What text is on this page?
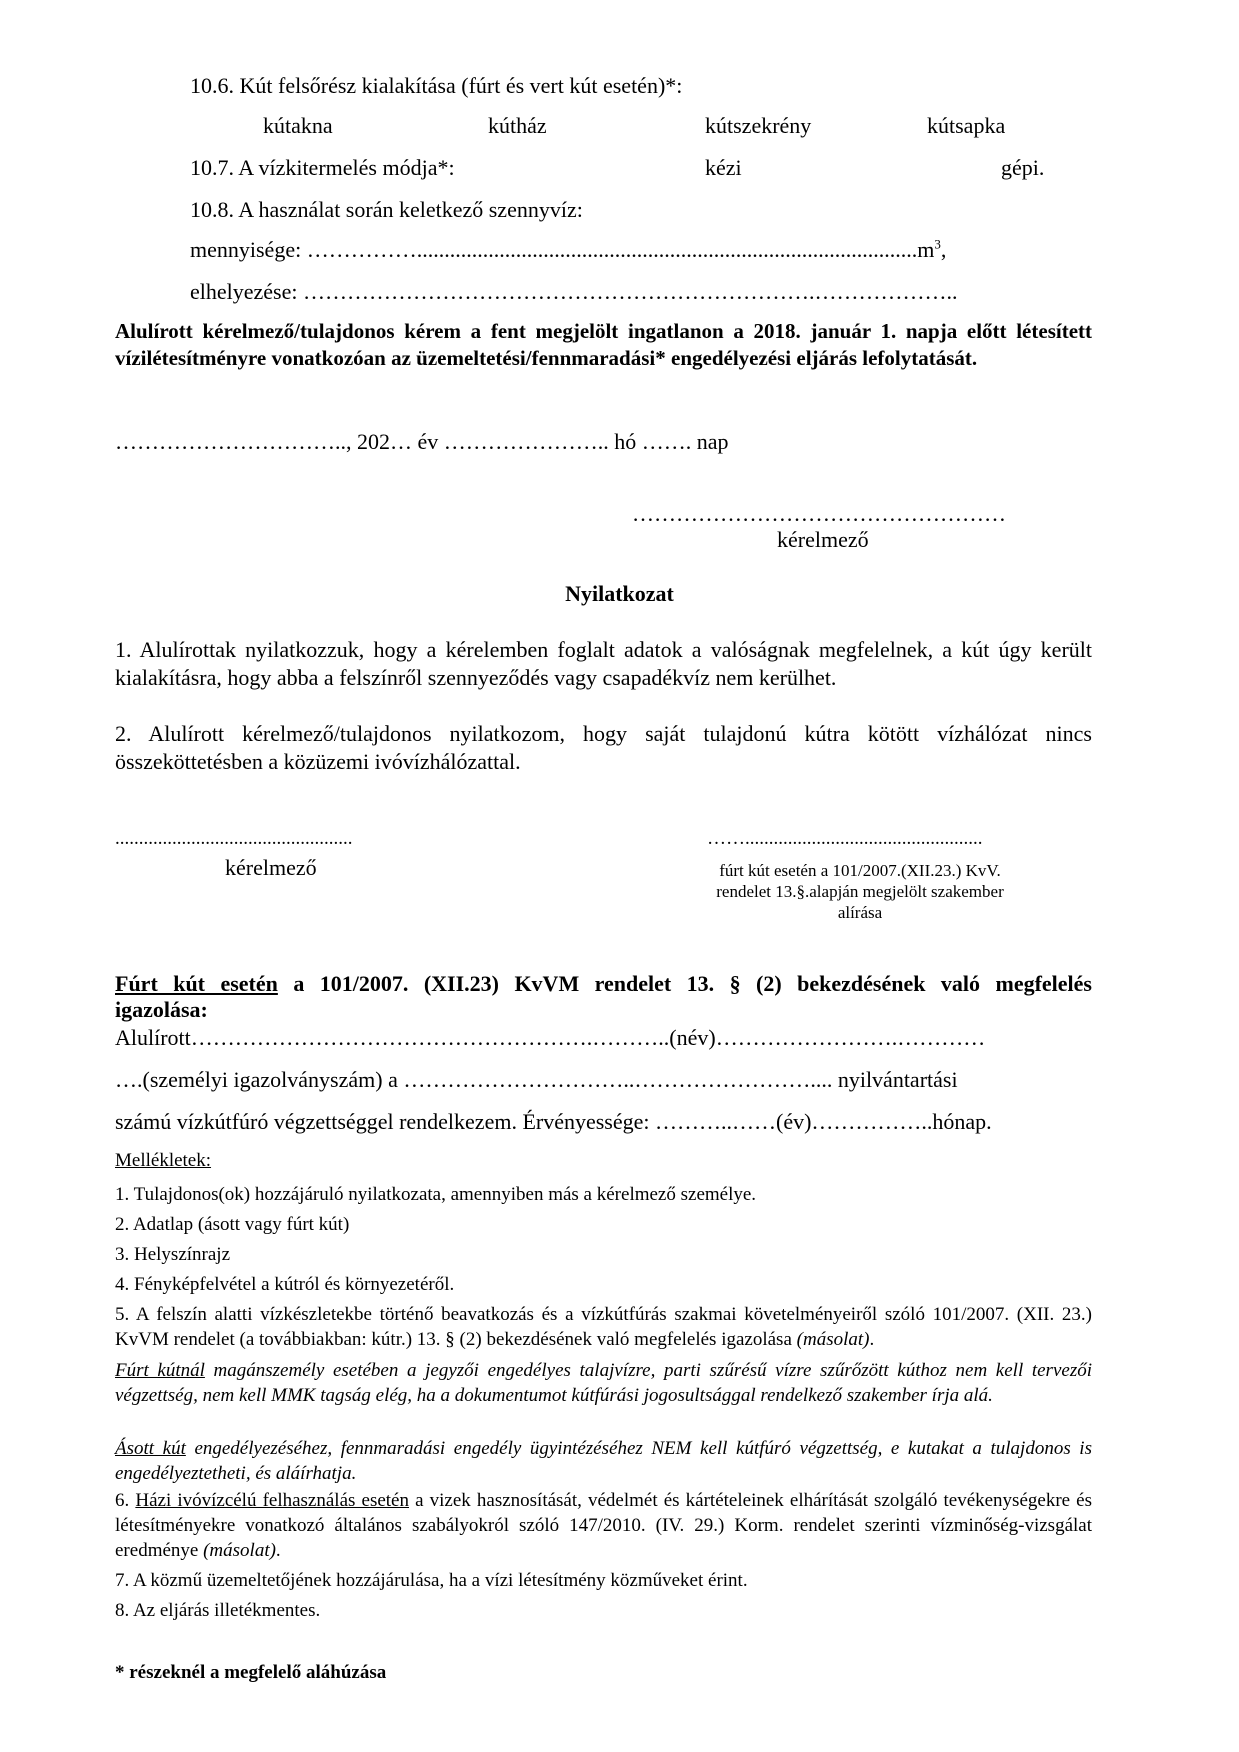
10.6. Kút felsőrész kialakítása (fúrt és vert kút esetén)*:
kútakna	kútház	kútszekrény	kútsapka
10.7. A vízkitermelés módja*:	kézi	gépi.
10.8. A használat során keletkező szennyvíz:
mennyisége: $\dots\dots\dots\dots\dots...........................................................................................m^3$,
elhelyezése: …………………………………………………………….………………..
Alulírott kérelmező/tulajdonos kérem a fent megjelölt ingatlanon a 2018. január 1. napja előtt létesített vízilétesítményre vonatkozóan az üzemeltetési/fennmaradási* engedélyezési eljárás lefolytatását.
………………………….., 202… év ………………….. hó ……. nap
……………………………………………
kérelmező
Nyilatkozat
1. Alulírottak nyilatkozzuk, hogy a kérelemben foglalt adatok a valóságnak megfelelnek, a kút úgy került kialakításra, hogy abba a felszínről szennyeződés vagy csapadékvíz nem kerülhet.
2. Alulírott kérelmező/tulajdonos nyilatkozom, hogy saját tulajdonú kútra kötött vízhálózat nincs összeköttetésben a közüzemi ivóvízhálózattal.
..................................................
kérelmező
……..................................................
fúrt kút esetén a 101/2007.(XII.23.) KvV.
rendelet 13.§.alapján megjelölt szakember
alírása
Fúrt kút esetén a 101/2007. (XII.23) KvVM rendelet 13. § (2) bekezdésének való megfelelés
igazolása:
Alulírott……………………………………………….………..(név)…………………….…………
….(személyi igazolványszám) a …………………………..…………………….... nyilvántartási
számú vízkútfúró végzettséggel rendelkezem. Érvényessége: ………..……(év)……………..hónap.
Mellékletek:
1. Tulajdonos(ok) hozzájáruló nyilatkozata, amennyiben más a kérelmező személye.
2. Adatlap (ásott vagy fúrt kút)
3. Helyszínrajz
4. Fényképfelvétel a kútról és környezetéről.
5. A felszín alatti vízkészletekbe történő beavatkozás és a vízkútfúrás szakmai követelményeiről szóló 101/2007. (XII. 23.) KvVM rendelet (a továbbiakban: kútr.) 13. § (2) bekezdésének való megfelelés igazolása (másolat).
Fúrt kútnál magánszemély esetében a jegyzői engedélyes talajvízre, parti szűrésű vízre szűrőzött kúthoz nem kell tervezői végzettség, nem kell MMK tagság elég, ha a dokumentumot kútfúrási jogosultsággal rendelkező szakember írja alá.
Ásott kút engedélyezéséhez, fennmaradási engedély ügyintézéséhez NEM kell kútfúró végzettség, e kutakat a tulajdonos is engedélyeztetheti, és aláírhatja.
6. Házi ivóvízcélú felhasználás esetén a vizek hasznosítását, védelmét és kártételeinek elhárítását szolgáló tevékenységekre és létesítményekre vonatkozó általános szabályokról szóló 147/2010. (IV. 29.) Korm. rendelet szerinti vízminőség-vizsgálat eredménye (másolat).
7. A közmű üzemeltetőjének hozzájárulása, ha a vízi létesítmény közműveket érint.
8. Az eljárás illetékmentes.
* részeknél a megfelelő aláhúzása
